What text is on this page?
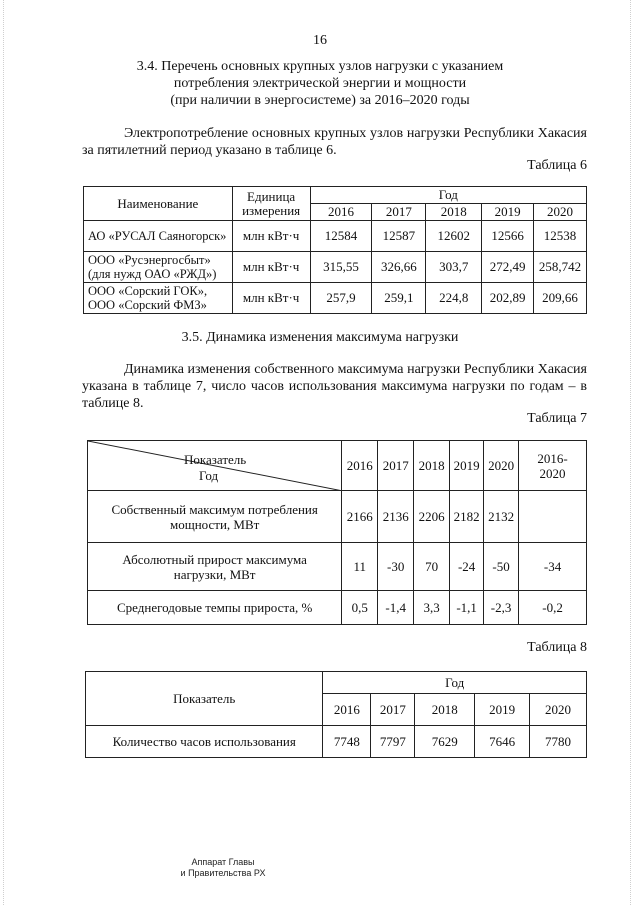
16
3.4. Перечень основных крупных узлов нагрузки с указанием
потребления электрической энергии и мощности
(при наличии в энергосистеме) за 2016–2020 годы
Электропотребление основных крупных узлов нагрузки Республики Хакасия за пятилетний период указано в таблице 6.
Таблица 6
Наименование	Единица измерения	Год				
		2016	2017	2018	2019	2020
АО «РУСАЛ Саяногорск»	млн кВт·ч	12584	12587	12602	12566	12538
ООО «Русэнергосбыт» (для нужд ОАО «РЖД»)	млн кВт·ч	315,55	326,66	303,7	272,49	258,742
ООО «Сорский ГОК», ООО «Сорский ФМЗ»	млн кВт·ч	257,9	259,1	224,8	202,89	209,66
3.5. Динамика изменения максимума нагрузки
Динамика изменения собственного максимума нагрузки Республики Хакасия указана в таблице 7, число часов использования максимума нагрузки по годам – в таблице 8.
Таблица 7
Показатель
Год	2016	2017	2018	2019	2020	2016-2020
Собственный максимум потребления мощности, МВт	2166	2136	2206	2182	2132	
Абсолютный прирост максимума нагрузки, МВт	11	-30	70	-24	-50	-34
Среднегодовые темпы прироста, %	0,5	-1,4	3,3	-1,1	-2,3	-0,2
Таблица 8
Показатель	Год				
	2016	2017	2018	2019	2020
Количество часов использования	7748	7797	7629	7646	7780
Аппарат Главы
и Правительства РХ
